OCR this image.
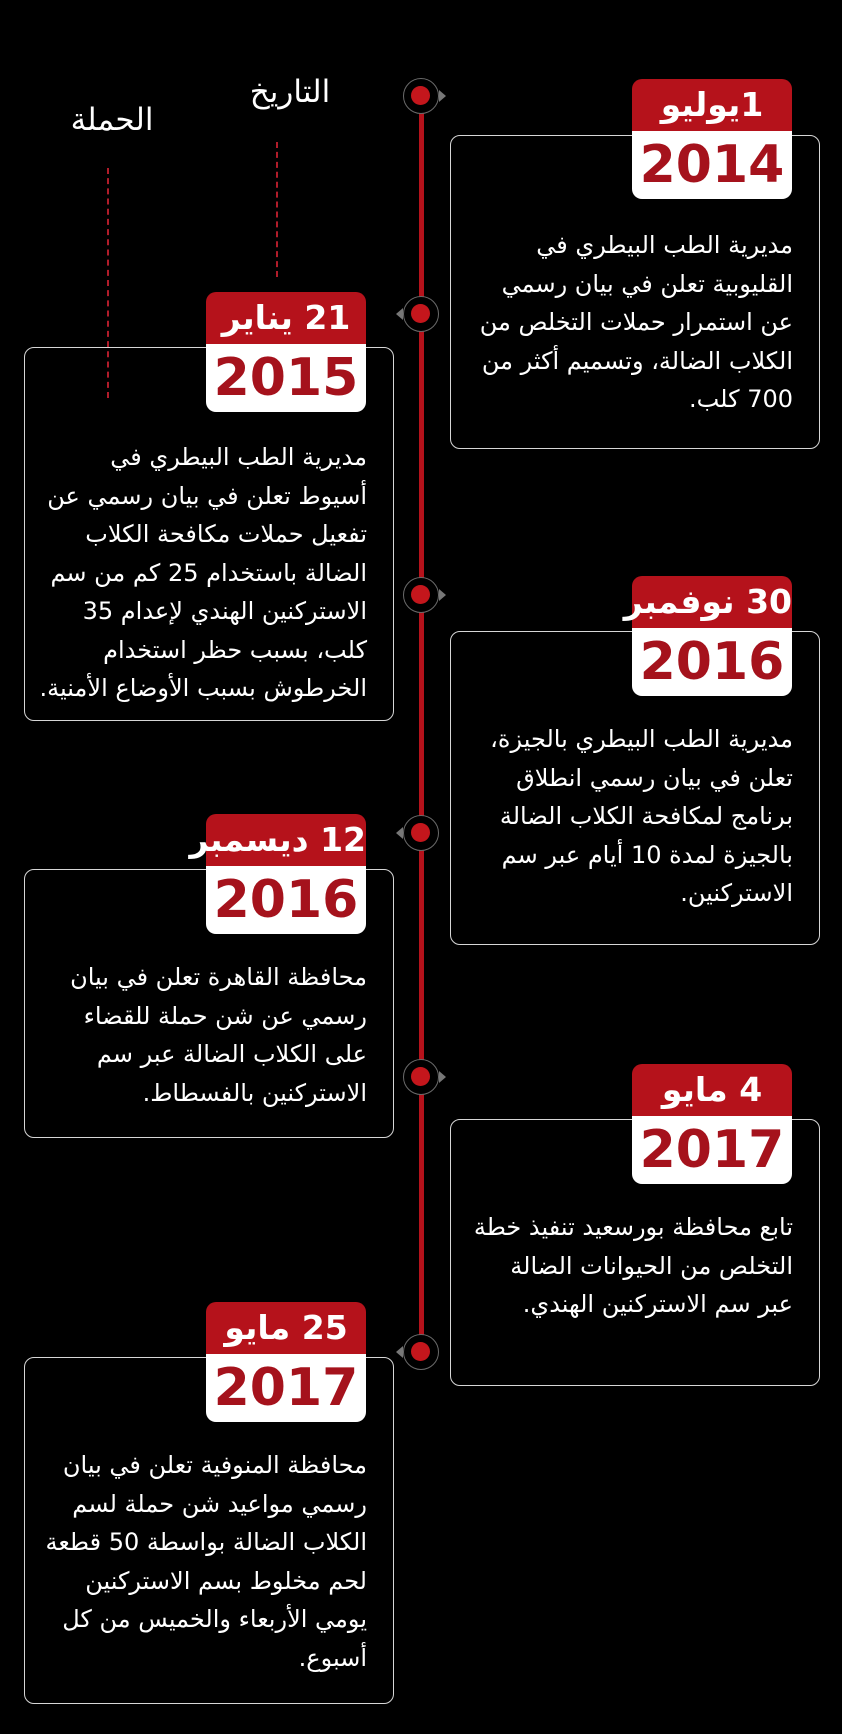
التاريخ
الحملة

مديرية الطب البيطري في القليوبية تعلن في بيان رسمي عن استمرار حملات التخلص من الكلاب الضالة، وتسميم أكثر من 700 كلب.

1يوليو
2014

مديرية الطب البيطري في أسيوط تعلن في بيان رسمي عن تفعيل حملات مكافحة الكلاب الضالة باستخدام 25 كم من سم الاستركنين الهندي لإعدام 35 كلب، بسبب حظر استخدام الخرطوش بسبب الأوضاع الأمنية.

21 يناير
2015

مديرية الطب البيطري بالجيزة، تعلن في بيان رسمي انطلاق برنامج لمكافحة الكلاب الضالة بالجيزة لمدة 10 أيام عبر سم الاستركنين.

30 نوفمبر
2016

محافظة القاهرة تعلن في بيان رسمي عن شن حملة للقضاء على الكلاب الضالة عبر سم الاستركنين بالفسطاط.

12 ديسمبر
2016

تابع محافظة بورسعيد تنفيذ خطة التخلص من الحيوانات الضالة عبر سم الاستركنين الهندي.

4 مايو
2017

محافظة المنوفية تعلن في بيان رسمي مواعيد شن حملة لسم الكلاب الضالة بواسطة 50 قطعة لحم مخلوط بسم الاستركنين يومي الأربعاء والخميس من كل أسبوع.

25 مايو
2017
